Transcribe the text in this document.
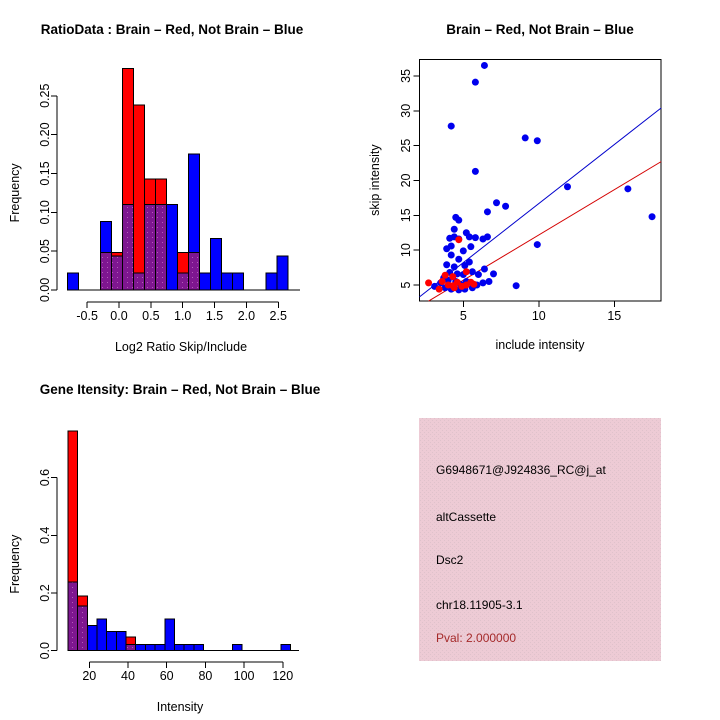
-0.5 0.0 0.5 1.0 1.5 2.0 2.5
0.00
0.05
0.10
0.15
0.20
0.25
Log2 Ratio Skip/Include
Frequency
RatioData : Brain – Red, Not Brain – Blue
5	10	15
5
10
15
20
25
30
35
include intensity
skip intensity
Brain – Red, Not Brain – Blue
20 40 60 80 100 120
0.0
0.2
0.4
0.6
Intensity
Frequency
Gene Itensity: Brain – Red, Not Brain – Blue
G6948671@J924836_RC@j_at
altCassette
Dsc2
chr18.11905-3.1
Pval: 2.000000
